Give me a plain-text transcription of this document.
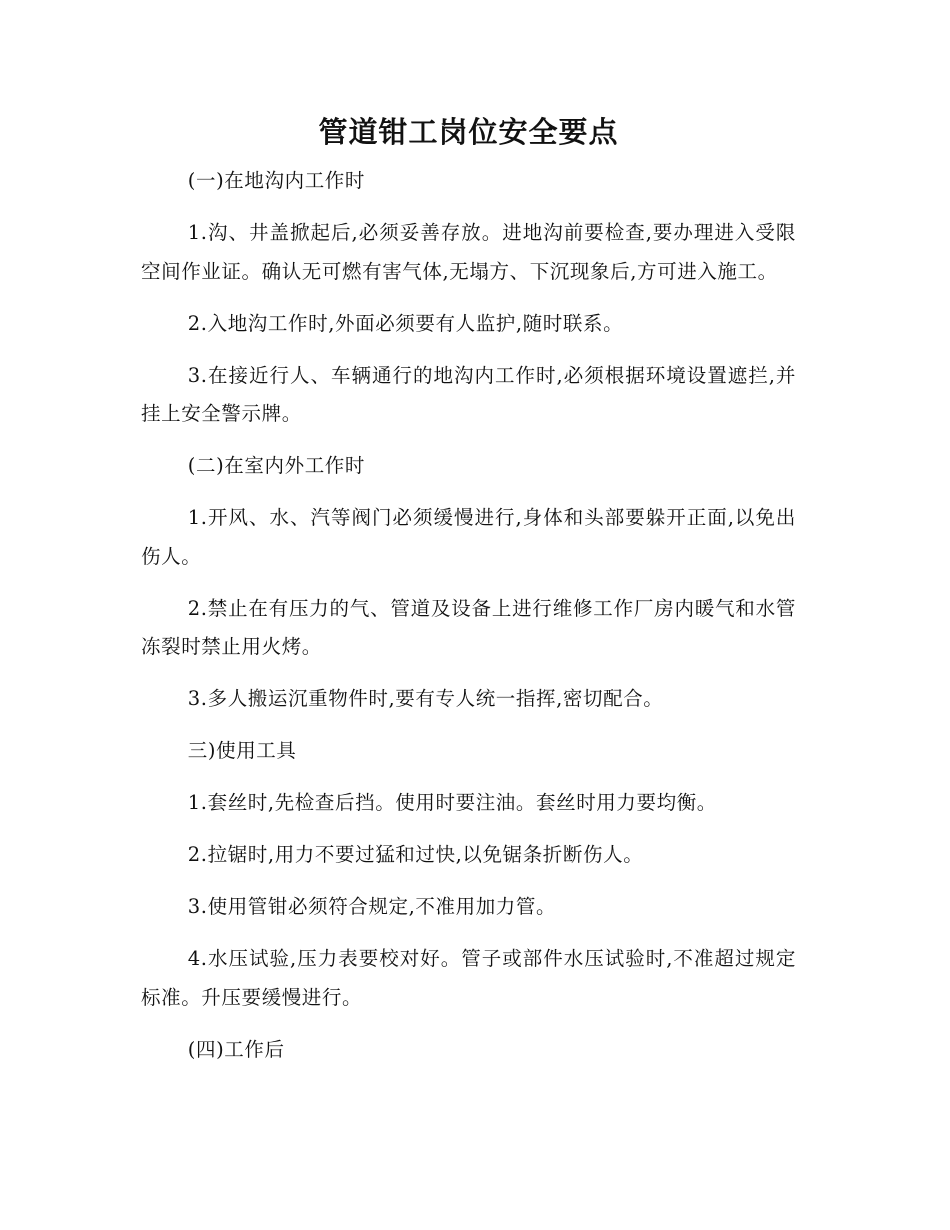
管道钳工岗位安全要点

(一)在地沟内工作时

1.沟、井盖掀起后,必须妥善存放。进地沟前要检查,要办理进入受限空间作业证。确认无可燃有害气体,无塌方、下沉现象后,方可进入施工。

2.入地沟工作时,外面必须要有人监护,随时联系。

3.在接近行人、车辆通行的地沟内工作时,必须根据环境设置遮拦,并挂上安全警示牌。

(二)在室内外工作时

1.开风、水、汽等阀门必须缓慢进行,身体和头部要躲开正面,以免出伤人。

2.禁止在有压力的气、管道及设备上进行维修工作厂房内暖气和水管冻裂时禁止用火烤。

3.多人搬运沉重物件时,要有专人统一指挥,密切配合。

三)使用工具

1.套丝时,先检查后挡。使用时要注油。套丝时用力要均衡。

2.拉锯时,用力不要过猛和过快,以免锯条折断伤人。

3.使用管钳必须符合规定,不准用加力管。

4.水压试验,压力表要校对好。管子或部件水压试验时,不准超过规定标准。升压要缓慢进行。

(四)工作后
